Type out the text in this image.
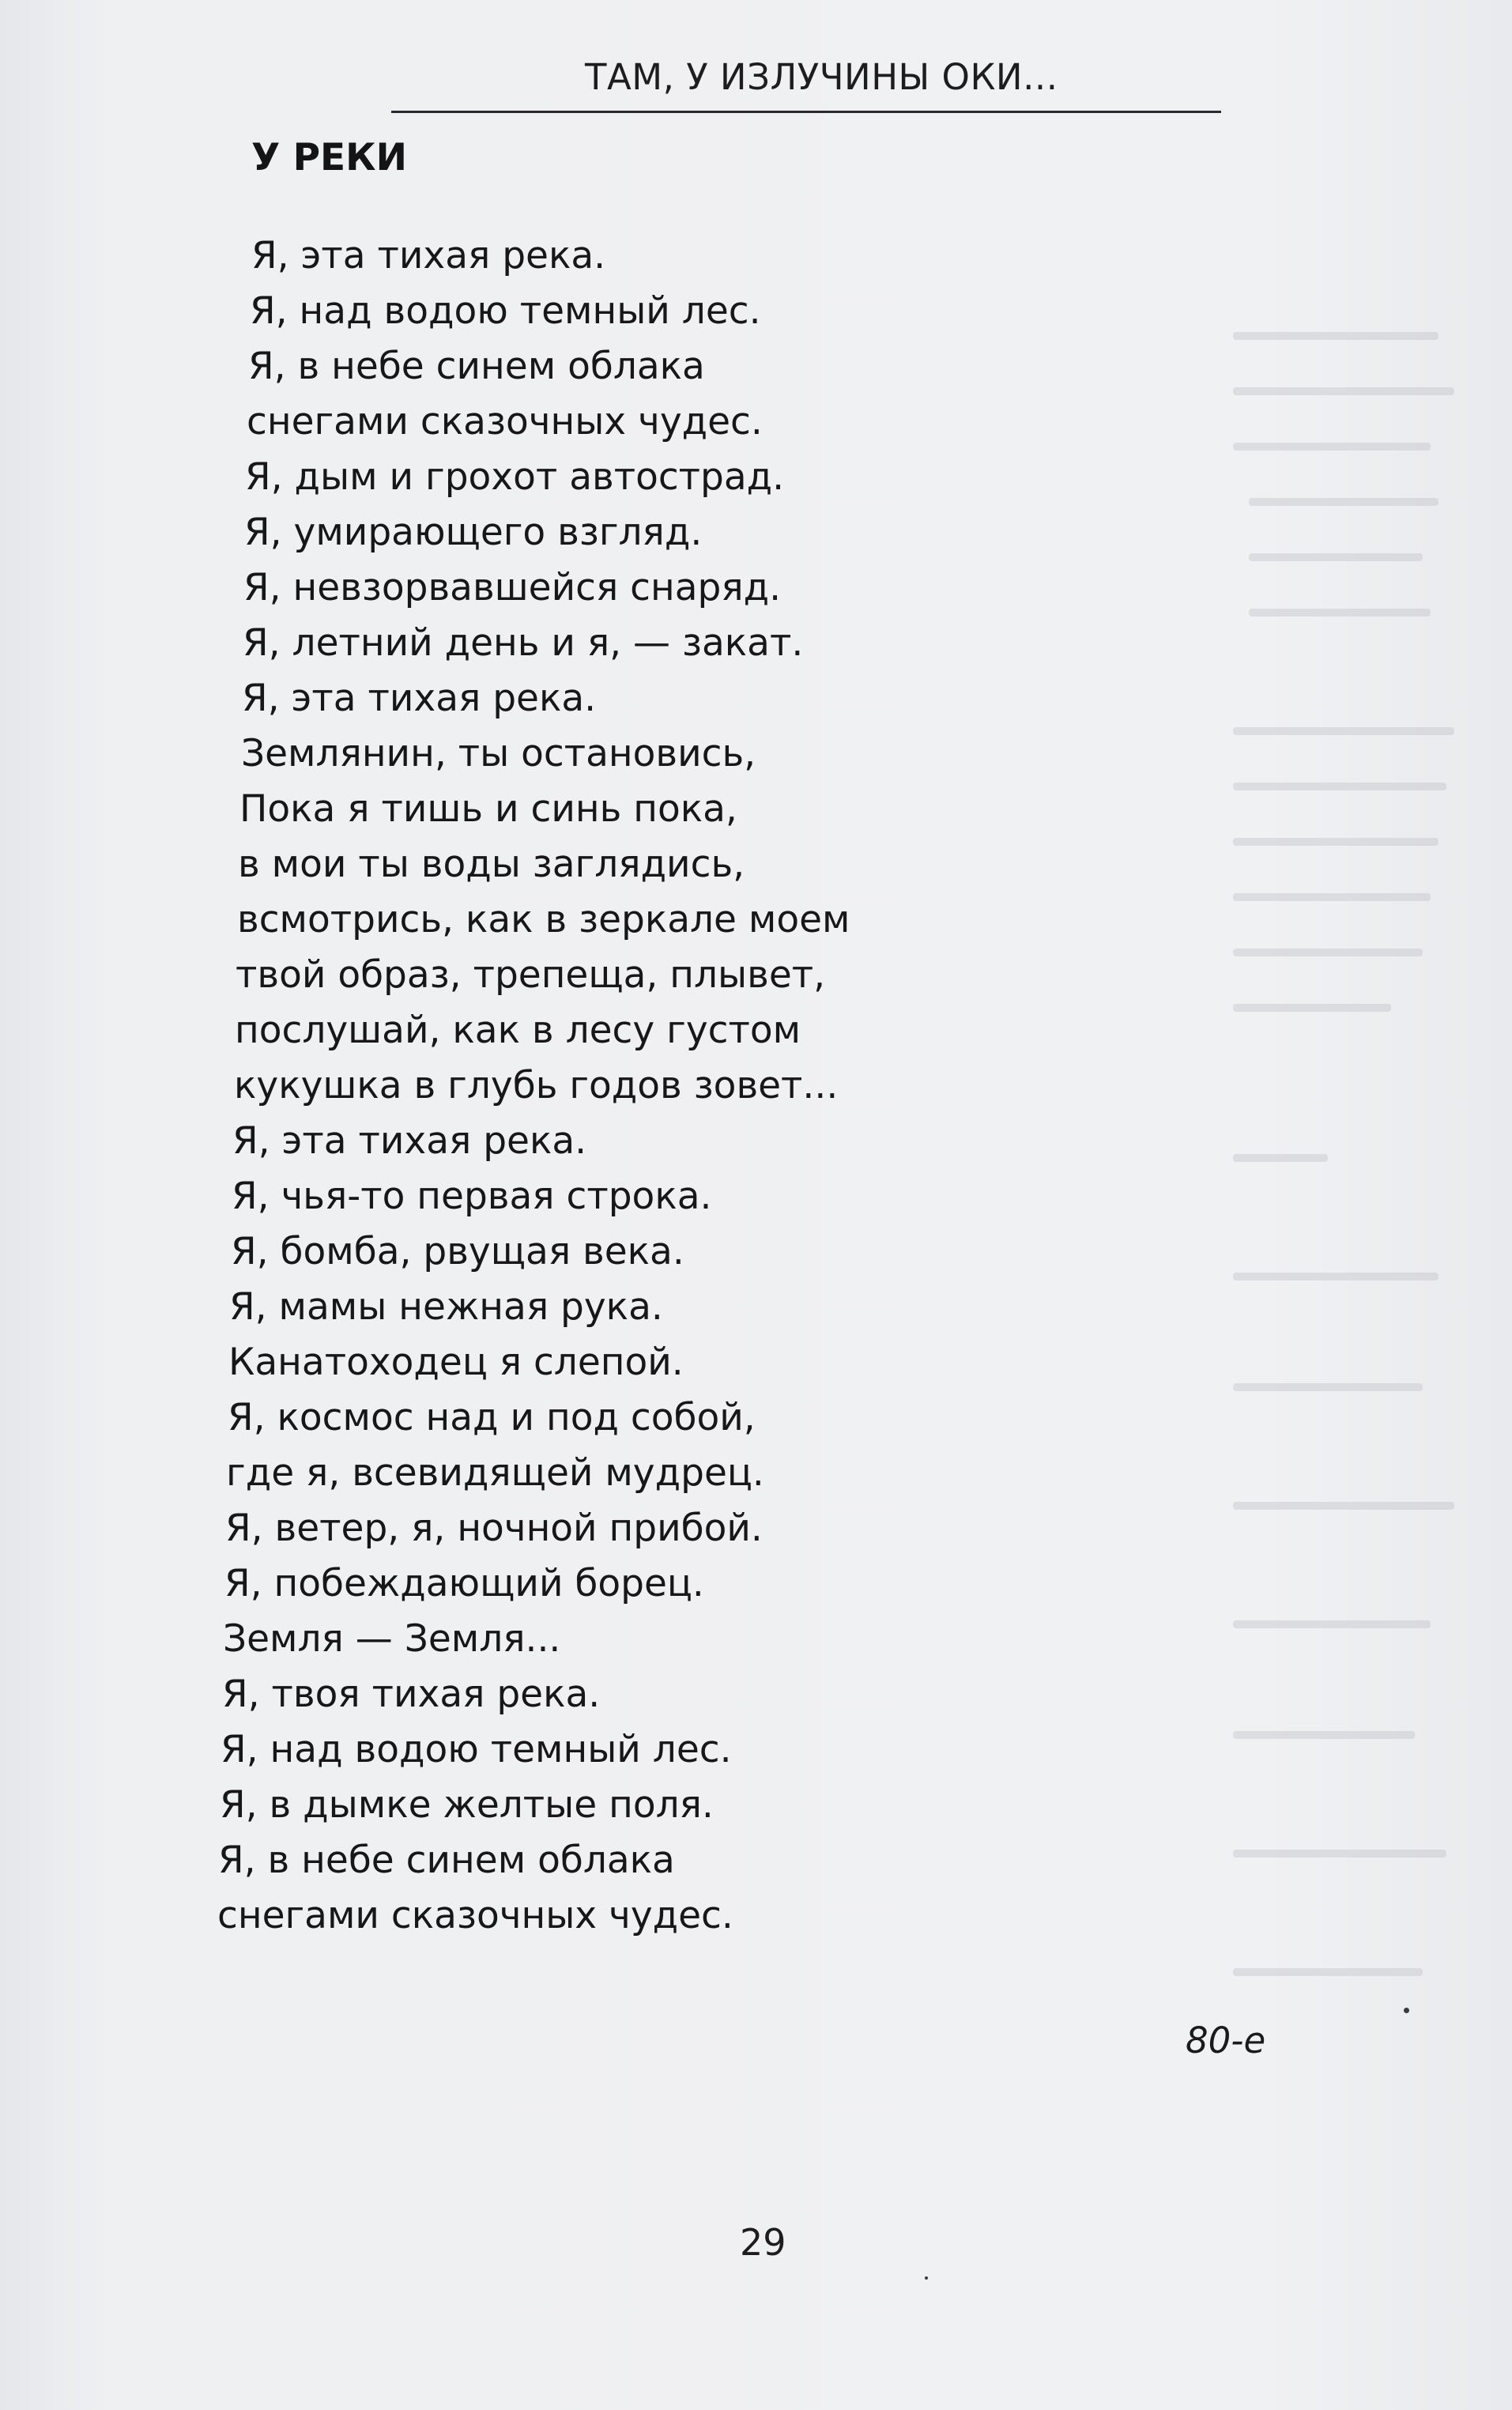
ТАМ, У ИЗЛУЧИНЫ ОКИ...
У РЕКИ
Я, эта тихая река.
Я, над водою темный лес.
Я, в небе синем облака
снегами сказочных чудес.
Я, дым и грохот автострад.
Я, умирающего взгляд.
Я, невзорвавшейся снаряд.
Я, летний день и я, — закат.
Я, эта тихая река.
Землянин, ты остановись,
Пока я тишь и синь пока,
в мои ты воды заглядись,
всмотрись, как в зеркале моем
твой образ, трепеща, плывет,
послушай, как в лесу густом
кукушка в глубь годов зовет...
Я, эта тихая река.
Я, чья-то первая строка.
Я, бомба, рвущая века.
Я, мамы нежная рука.
Канатоходец я слепой.
Я, космос над и под собой,
где я, всевидящей мудрец.
Я, ветер, я, ночной прибой.
Я, побеждающий борец.
Земля — Земля...
Я, твоя тихая река.
Я, над водою темный лес.
Я, в дымке желтые поля.
Я, в небе синем облака
снегами сказочных чудес.
80-е
29
